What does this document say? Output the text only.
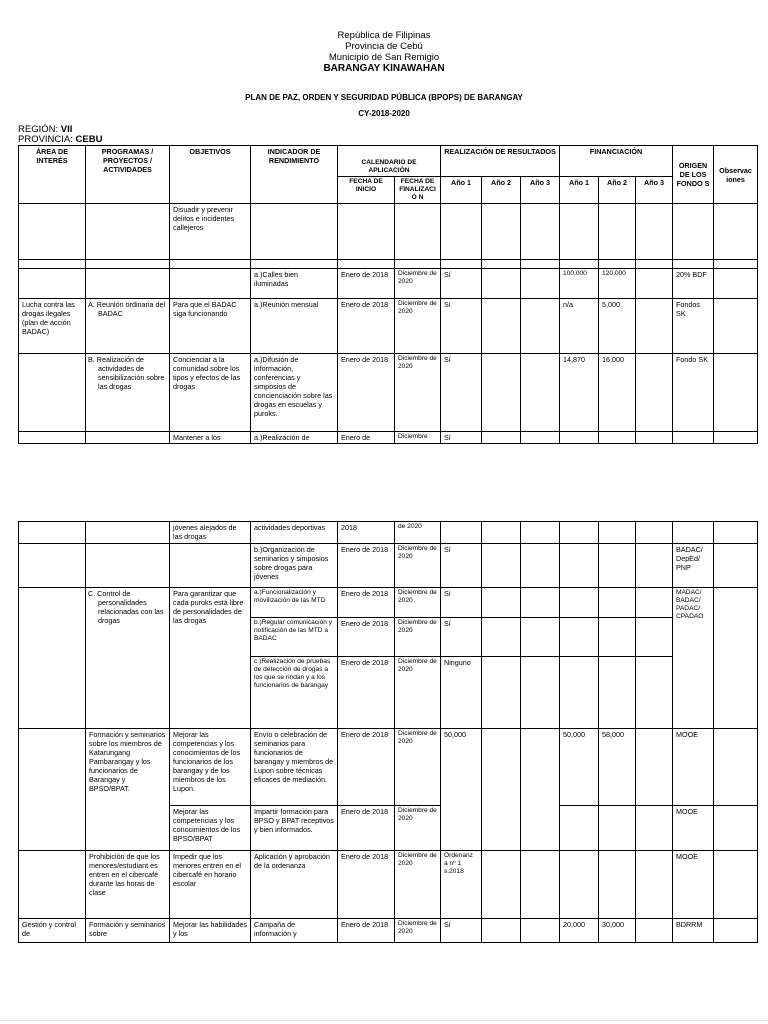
República de Filipinas
Provincia de Cebú
Municipio de San Remigio
BARANGAY KINAWAHAN
PLAN DE PAZ, ORDEN Y SEGURIDAD PÚBLICA (BPOPS) DE BARANGAY
CY-2018-2020
REGIÓN: VII
PROVINCIA: CEBU
ÁREA DE INTERÉS	PROGRAMAS / PROYECTOS / ACTIVIDADES	OBJETIVOS	INDICADOR DE RENDIMIENTO	CALENDARIO DE APLICACIÓN		REALIZACIÓN DE RESULTADOS			FINANCIACIÓN			ORIGEN DE LOS FONDO S	Observac iones
				FECHA DE INICIO	FECHA DE FINALIZACIÓ N	Año 1	Año 2	Año 3	Año 1	Año 2	Año 3		
		Disuadir y prevenir delitos e incidentes callejeros											

			a.)Calles bien iluminadas	Enero de 2018	Diciembre de 2020	Sí			100,000	120,000		20% BDF	
Lucha contra las drogas ilegales (plan de acción BADAC)	A. Reunión ordinaria del BADAC	Para que el BADAC siga funcionando	a.)Reunión mensual	Enero de 2018	Diciembre de 2020	Sí			n/a	5,000		Fondos SK	
	B. Realización de actividades de sensibilización sobre las drogas	Concienciar a la comunidad sobre los tipos y efectos de las drogas	a.)Difusión de información, conferencias y simposios de concienciación sobre las drogas en escuelas y puroks.	Enero de 2018	Diciembre de 2020	Sí			14,870	16,000		Fondo SK	
		Mantener a los	a.)Realización de	Enero de	Diciembre	Sí							
		jóvenes alejados de las drogas	actividades deportivas	2018	de 2020								
			b.)Organización de seminarios y simposios sobre drogas para jóvenes	Enero de 2018	Diciembre de 2020	Sí						BADAC/ DepEd/ PNP	
	C. Control de personalidades relacionadas con las drogas	Para garantizar que cada puroks está libre de personalidades de las drogas	a.)Funcionalización y movilización de las MTD	Enero de 2018	Diciembre de 2020	Sí						MADAC/ BADAC/ PADAC/ CPADAO	
			b.)Regular comunicación y notificación de las MTD a BADAC	Enero de 2018	Diciembre de 2020	Sí							
			c.)Realización de pruebas de detección de drogas a los que se rindan y a los funcionarios de barangay	Enero de 2018	Diciembre de 2020	Ninguno							
	Formación y seminarios sobre los miembros de Katarungang Pambarangay y los funcionarios de Barangay y BPSO/BPAT.	Mejorar las competencias y los conocimientos de los funcionarios de los barangay y de los miembros de los Lupon.	Envío o celebración de seminarios para funcionarios de barangay y miembros de Lupon sobre técnicas eficaces de mediación.	Enero de 2018	Diciembre de 2020	50,000			50,000	58,000		MOOE	
		Mejorar las competencias y los conocimientos de los BPSO/BPAT	Impartir formación para BPSO y BPAT receptivos y bien informados.	Enero de 2018	Diciembre de 2020							MOOE	
	Prohibición de que los menores/estudiant es entren en el cibercafé durante las horas de clase	Impedir que los menores entren en el cibercafé en horario escolar	Aplicación y aprobación de la ordenanza	Enero de 2018	Diciembre de 2020	Ordenanz a nº 1 s.2018						MOOE	
Gestión y control de	Formación y seminarios sobre	Mejorar las habilidades y los	Campaña de información y	Enero de 2018	Diciembre de 2020	Sí			20,000	30,000		BDRRM	
